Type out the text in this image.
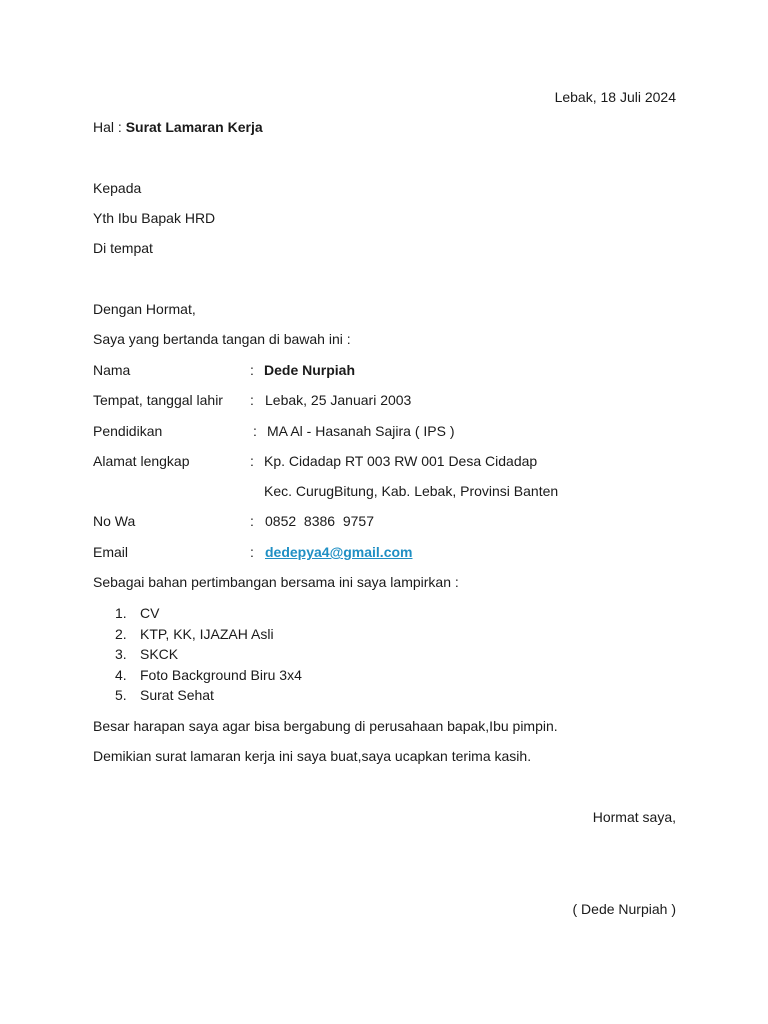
Lebak, 18 Juli 2024
Hal : Surat Lamaran Kerja
Kepada
Yth Ibu Bapak HRD
Di tempat
Dengan Hormat,
Saya yang bertanda tangan di bawah ini :
Nama	: Dede Nurpiah
Tempat, tanggal lahir : Lebak, 25 Januari 2003
Pendidikan	: MA Al - Hasanah Sajira ( IPS )
Alamat lengkap	: Kp. Cidadap RT 003 RW 001 Desa Cidadap
Kec. CurugBitung, Kab. Lebak, Provinsi Banten
No Wa	: 0852  8386  9757
Email	: dedepya4@gmail.com
Sebagai bahan pertimbangan bersama ini saya lampirkan :
1. CV
2. KTP, KK, IJAZAH Asli
3. SKCK
4. Foto Background Biru 3x4
5. Surat Sehat
Besar harapan saya agar bisa bergabung di perusahaan bapak,Ibu pimpin.
Demikian surat lamaran kerja ini saya buat,saya ucapkan terima kasih.
Hormat saya,
( Dede Nurpiah )
